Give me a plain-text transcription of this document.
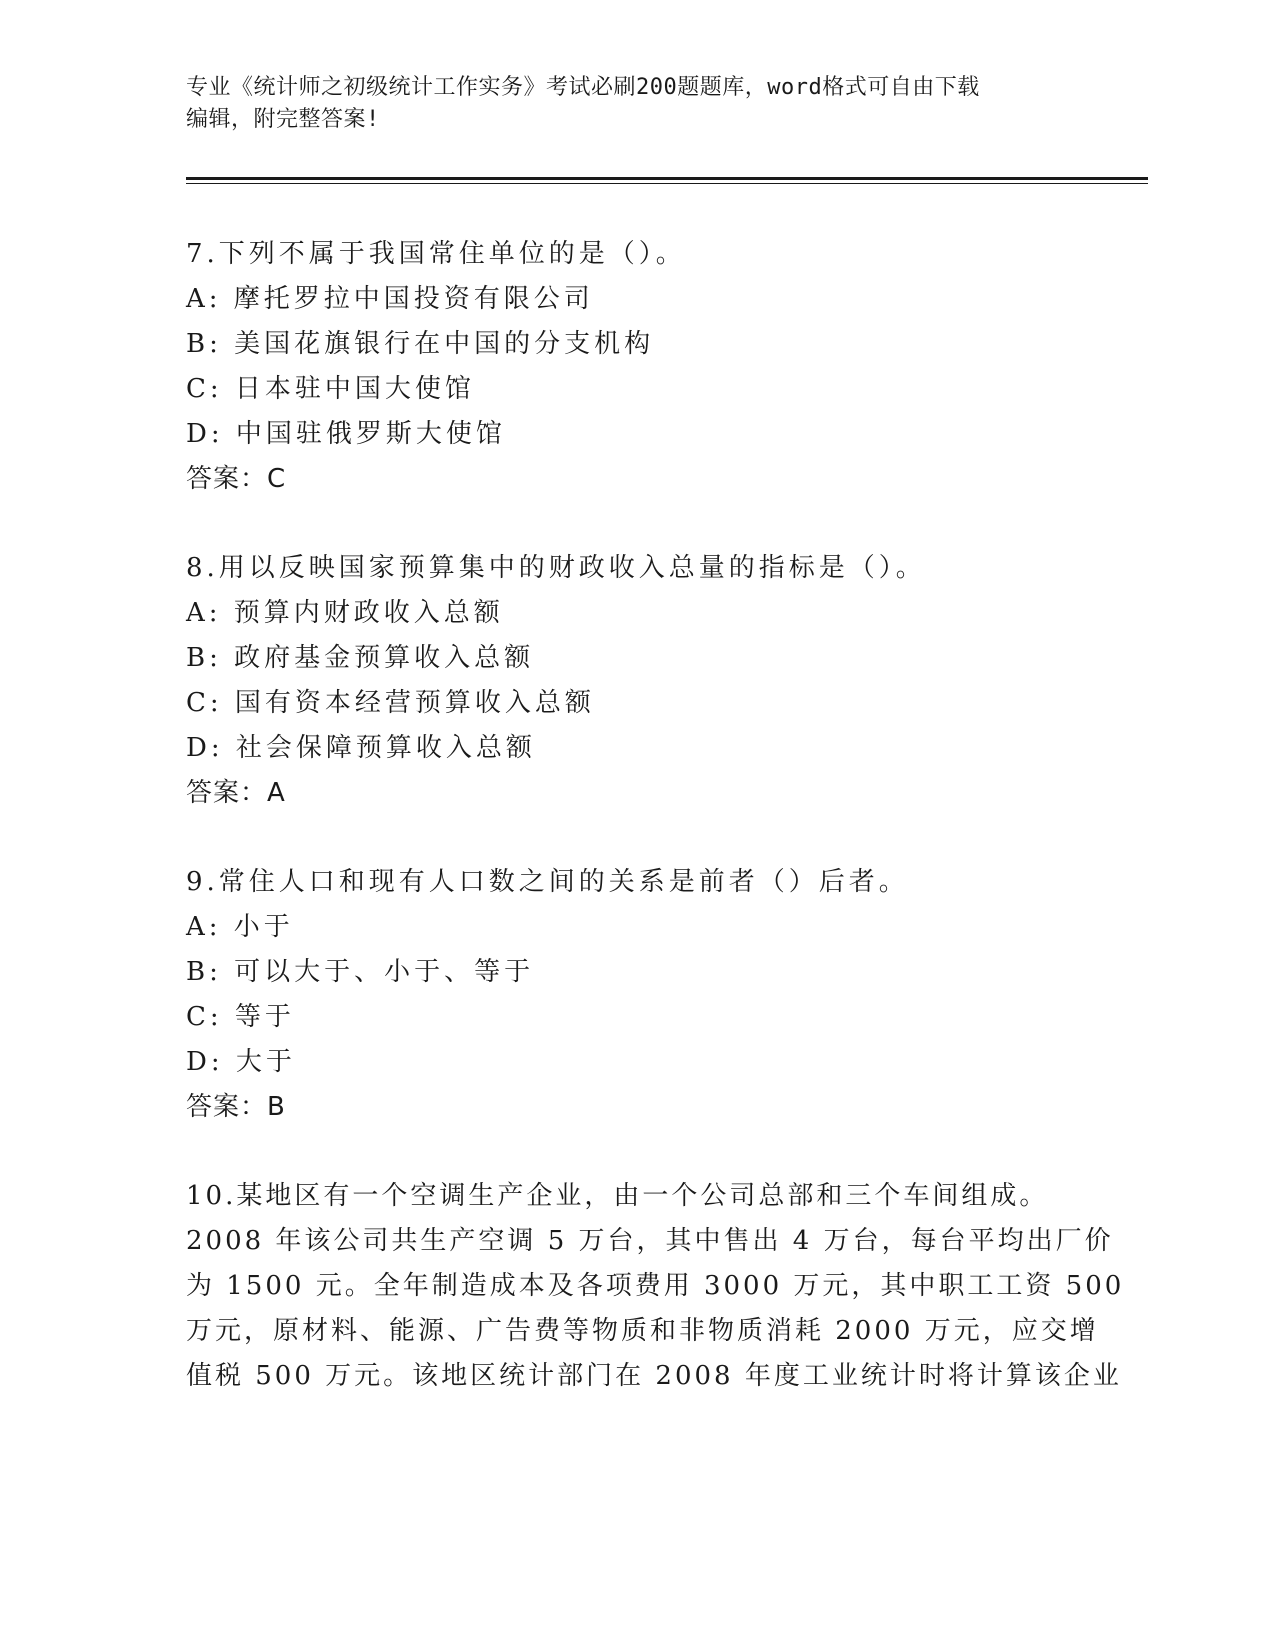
专业《统计师之初级统计工作实务》考试必刷200题题库，word格式可自由下载
编辑，附完整答案!
7.下列不属于我国常住单位的是（）。
A: 摩托罗拉中国投资有限公司
B: 美国花旗银行在中国的分支机构
C: 日本驻中国大使馆
D: 中国驻俄罗斯大使馆
答案：C
8.用以反映国家预算集中的财政收入总量的指标是（）。
A: 预算内财政收入总额
B: 政府基金预算收入总额
C: 国有资本经营预算收入总额
D: 社会保障预算收入总额
答案：A
9.常住人口和现有人口数之间的关系是前者（）后者。
A: 小于
B: 可以大于、小于、等于
C: 等于
D: 大于
答案：B
10.某地区有一个空调生产企业，由一个公司总部和三个车间组成。
2008 年该公司共生产空调 5 万台，其中售出 4 万台，每台平均出厂价
为 1500 元。全年制造成本及各项费用 3000 万元，其中职工工资 500
万元，原材料、能源、广告费等物质和非物质消耗 2000 万元，应交增
值税 500 万元。该地区统计部门在 2008 年度工业统计时将计算该企业
